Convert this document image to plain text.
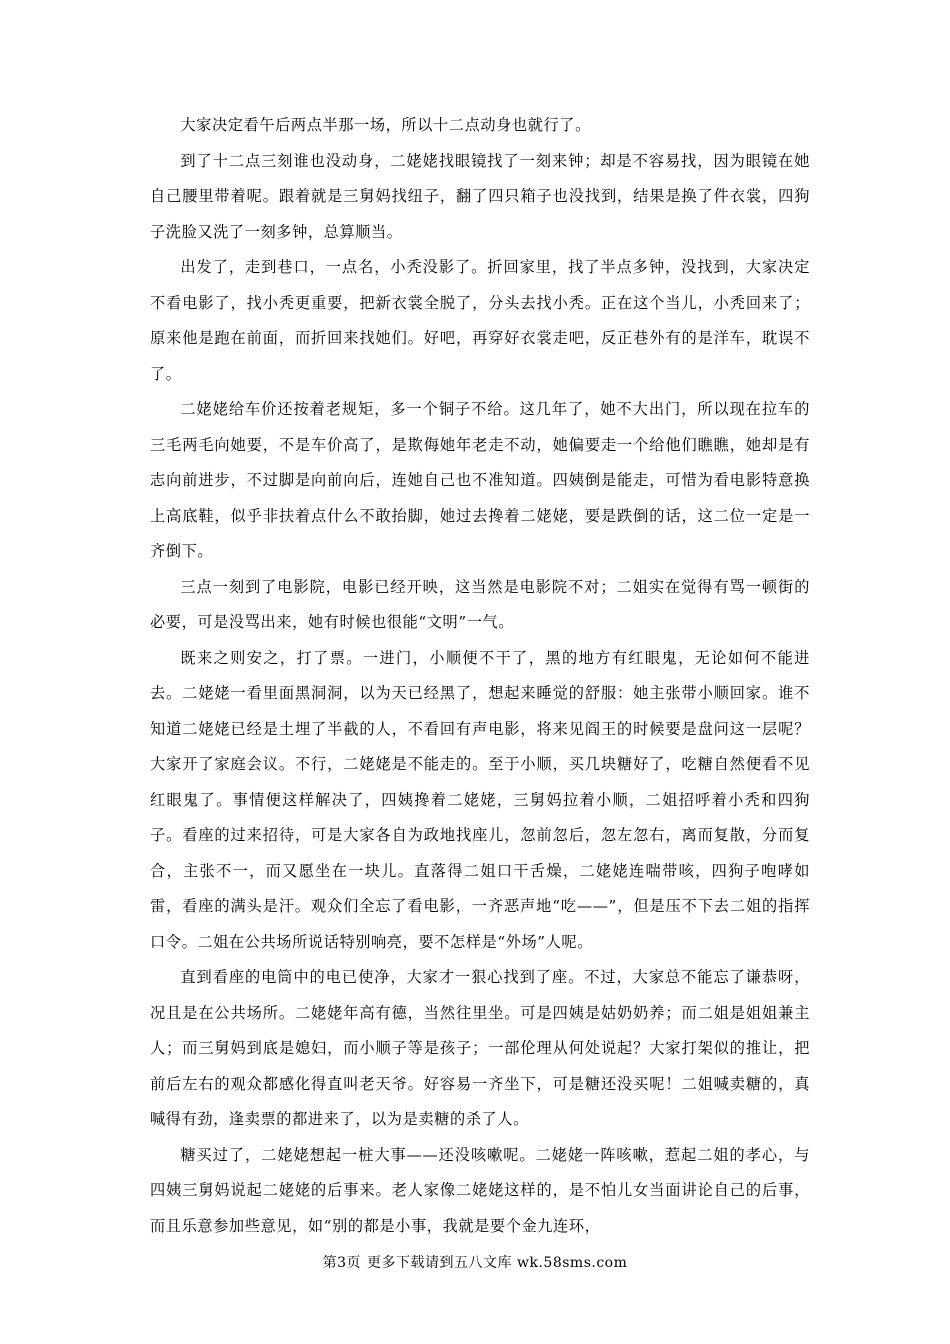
大家决定看午后两点半那一场，所以十二点动身也就行了。

到了十二点三刻谁也没动身，二姥姥找眼镜找了一刻来钟；却是不容易找，因为眼镜在她自己腰里带着呢。跟着就是三舅妈找纽子，翻了四只箱子也没找到，结果是换了件衣裳，四狗子洗脸又洗了一刻多钟，总算顺当。

出发了，走到巷口，一点名，小秃没影了。折回家里，找了半点多钟，没找到，大家决定不看电影了，找小秃更重要，把新衣裳全脱了，分头去找小秃。正在这个当儿，小秃回来了；原来他是跑在前面，而折回来找她们。好吧，再穿好衣裳走吧，反正巷外有的是洋车，耽误不了。

二姥姥给车价还按着老规矩，多一个铜子不给。这几年了，她不大出门，所以现在拉车的三毛两毛向她要，不是车价高了，是欺侮她年老走不动，她偏要走一个给他们瞧瞧，她却是有志向前进步，不过脚是向前向后，连她自己也不准知道。四姨倒是能走，可惜为看电影特意换上高底鞋，似乎非扶着点什么不敢抬脚，她过去搀着二姥姥，要是跌倒的话，这二位一定是一齐倒下。

三点一刻到了电影院，电影已经开映，这当然是电影院不对；二姐实在觉得有骂一顿街的必要，可是没骂出来，她有时候也很能“文明”一气。

既来之则安之，打了票。一进门，小顺便不干了，黑的地方有红眼鬼，无论如何不能进去。二姥姥一看里面黑洞洞，以为天已经黑了，想起来睡觉的舒服：她主张带小顺回家。谁不知道二姥姥已经是土埋了半截的人，不看回有声电影，将来见阎王的时候要是盘问这一层呢？大家开了家庭会议。不行，二姥姥是不能走的。至于小顺，买几块糖好了，吃糖自然便看不见红眼鬼了。事情便这样解决了，四姨搀着二姥姥，三舅妈拉着小顺，二姐招呼着小秃和四狗子。看座的过来招待，可是大家各自为政地找座儿，忽前忽后，忽左忽右，离而复散，分而复合，主张不一，而又愿坐在一块儿。直落得二姐口干舌燥，二姥姥连喘带咳，四狗子咆哮如雷，看座的满头是汗。观众们全忘了看电影，一齐恶声地“吃——”，但是压不下去二姐的指挥口令。二姐在公共场所说话特别响亮，要不怎样是“外场”人呢。

直到看座的电筒中的电已使净，大家才一狠心找到了座。不过，大家总不能忘了谦恭呀，况且是在公共场所。二姥姥年高有德，当然往里坐。可是四姨是姑奶奶养；而二姐是姐姐兼主人；而三舅妈到底是媳妇，而小顺子等是孩子；一部伦理从何处说起？大家打架似的推让，把前后左右的观众都感化得直叫老天爷。好容易一齐坐下，可是糖还没买呢！二姐喊卖糖的，真喊得有劲，逢卖票的都进来了，以为是卖糖的杀了人。

糖买过了，二姥姥想起一桩大事——还没咳嗽呢。二姥姥一阵咳嗽，惹起二姐的孝心，与四姨三舅妈说起二姥姥的后事来。老人家像二姥姥这样的，是不怕儿女当面讲论自己的后事，而且乐意参加些意见，如“别的都是小事，我就是要个金九连环，

第3页 更多下载请到五八文库 wk.58sms.com
